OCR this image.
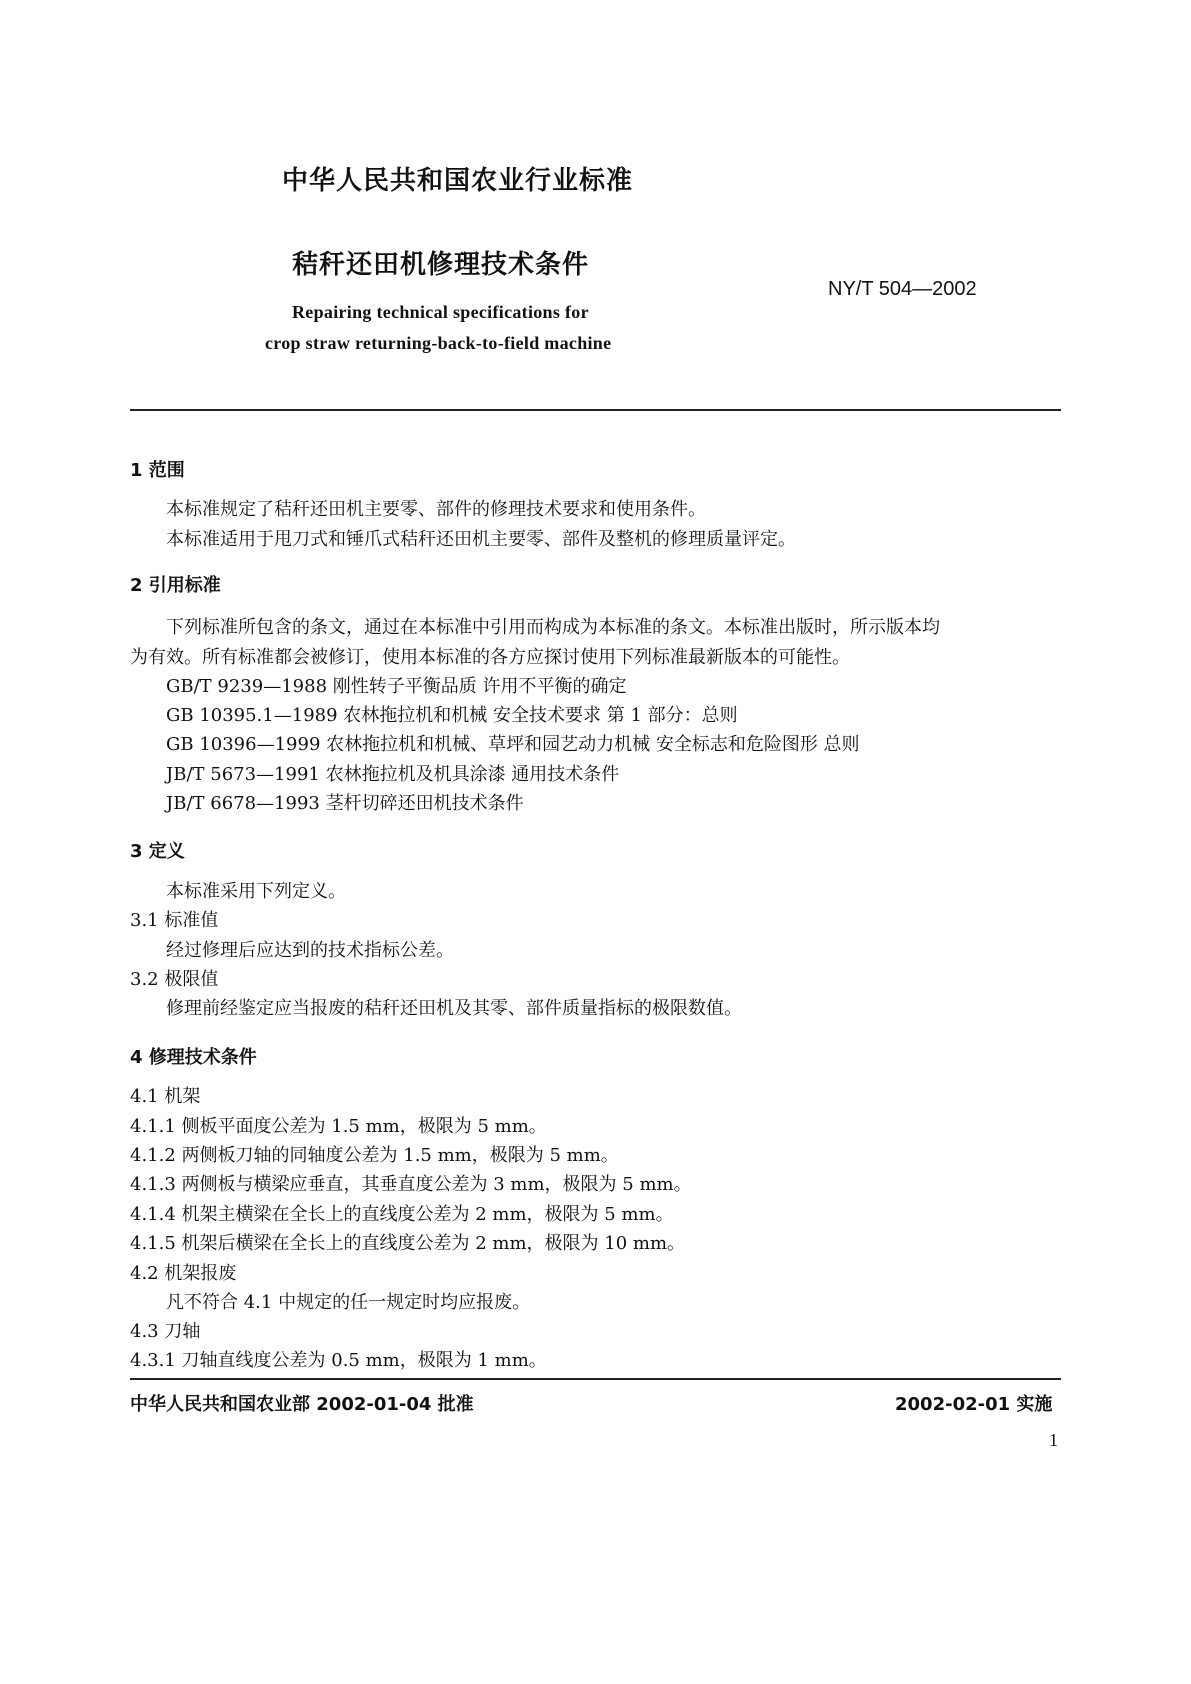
中华人民共和国农业行业标准
秸秆还田机修理技术条件
NY/T 504—2002
Repairing technical specifications for
crop straw returning-back-to-field machine
1 范围
本标准规定了秸秆还田机主要零、部件的修理技术要求和使用条件。
本标准适用于甩刀式和锤爪式秸秆还田机主要零、部件及整机的修理质量评定。
2 引用标准
下列标准所包含的条文，通过在本标准中引用而构成为本标准的条文。本标准出版时，所示版本均
为有效。所有标准都会被修订，使用本标准的各方应探讨使用下列标准最新版本的可能性。
GB/T 9239—1988 刚性转子平衡品质 许用不平衡的确定
GB 10395.1—1989 农林拖拉机和机械 安全技术要求 第 1 部分：总则
GB 10396—1999 农林拖拉机和机械、草坪和园艺动力机械 安全标志和危险图形 总则
JB/T 5673—1991 农林拖拉机及机具涂漆 通用技术条件
JB/T 6678—1993 茎杆切碎还田机技术条件
3 定义
本标准采用下列定义。
3.1 标准值
经过修理后应达到的技术指标公差。
3.2 极限值
修理前经鉴定应当报废的秸秆还田机及其零、部件质量指标的极限数值。
4 修理技术条件
4.1 机架
4.1.1 侧板平面度公差为 1.5 mm，极限为 5 mm。
4.1.2 两侧板刀轴的同轴度公差为 1.5 mm，极限为 5 mm。
4.1.3 两侧板与横梁应垂直，其垂直度公差为 3 mm，极限为 5 mm。
4.1.4 机架主横梁在全长上的直线度公差为 2 mm，极限为 5 mm。
4.1.5 机架后横梁在全长上的直线度公差为 2 mm，极限为 10 mm。
4.2 机架报废
凡不符合 4.1 中规定的任一规定时均应报废。
4.3 刀轴
4.3.1 刀轴直线度公差为 0.5 mm，极限为 1 mm。
中华人民共和国农业部 2002-01-04 批准	2002-02-01 实施
1
